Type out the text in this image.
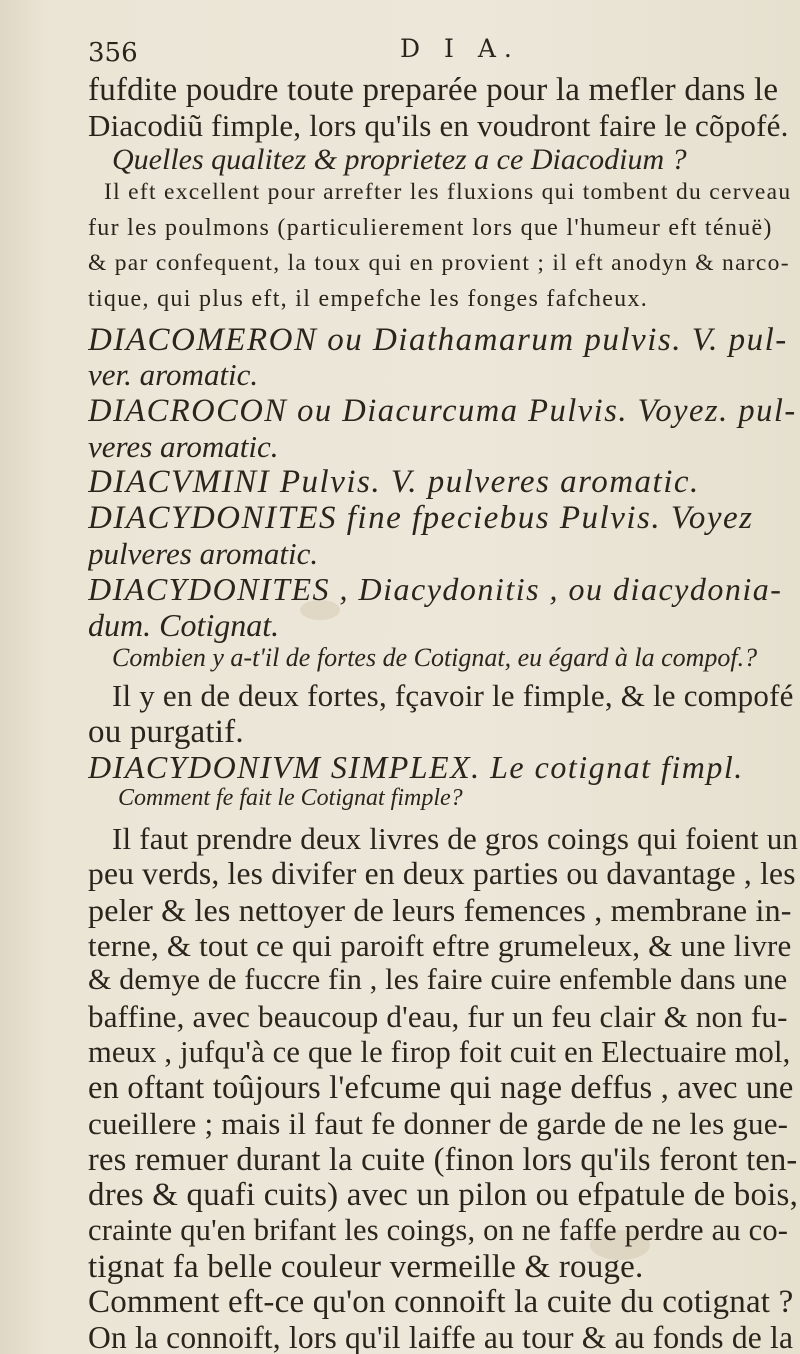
356	D I A.
fufdite poudre toute preparée pour la mefler dans le
Diacodiũ fimple, lors qu'ils en voudront faire le cõpofé.
Quelles qualitez & proprietez a ce Diacodium ?
Il eft excellent pour arrefter les fluxions qui tombent du cerveau
fur les poulmons (particulierement lors que l'humeur eft ténuë)
& par confequent, la toux qui en provient ; il eft anodyn & narco-
tique, qui plus eft, il empefche les fonges fafcheux.
DIACOMERON ou Diathamarum pulvis. V. pul-
ver. aromatic.
DIACROCON ou Diacurcuma Pulvis. Voyez. pul-
veres aromatic.
DIACVMINI Pulvis. V. pulveres aromatic.
DIACYDONITES fine fpeciebus Pulvis. Voyez
pulveres aromatic.
DIACYDONITES , Diacydonitis , ou diacydonia-
dum. Cotignat.
Combien y a-t'il de fortes de Cotignat, eu égard à la compof.?
Il y en de deux fortes, fçavoir le fimple, & le compofé
ou purgatif.
DIACYDONIVM SIMPLEX. Le cotignat fimpl.
Comment fe fait le Cotignat fimple?
Il faut prendre deux livres de gros coings qui foient un
peu verds, les divifer en deux parties ou davantage , les
peler & les nettoyer de leurs femences , membrane in-
terne, & tout ce qui paroift eftre grumeleux, & une livre
& demye de fuccre fin , les faire cuire enfemble dans une
baffine, avec beaucoup d'eau, fur un feu clair & non fu-
meux , jufqu'à ce que le firop foit cuit en Electuaire mol,
en oftant toûjours l'efcume qui nage deffus , avec une
cueillere ; mais il faut fe donner de garde de ne les gue-
res remuer durant la cuite (finon lors qu'ils feront ten-
dres & quafi cuits) avec un pilon ou efpatule de bois,
crainte qu'en brifant les coings, on ne faffe perdre au co-
tignat fa belle couleur vermeille & rouge.
Comment eft-ce qu'on connoift la cuite du cotignat ?
On la connoift, lors qu'il laiffe au tour & au fonds de la
